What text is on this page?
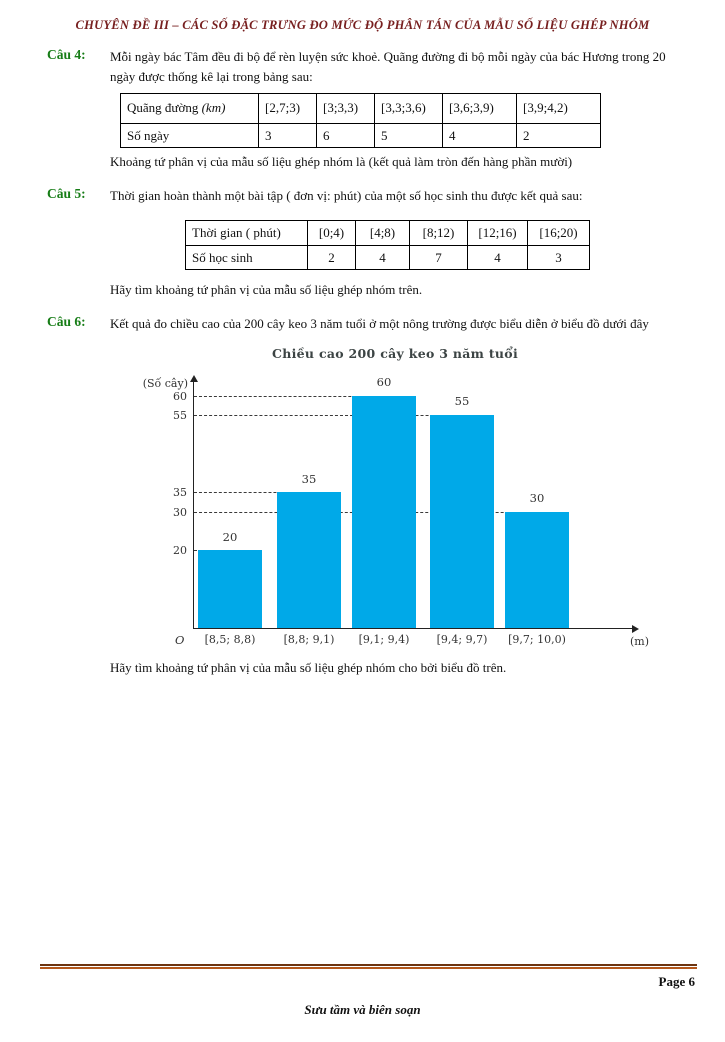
CHUYÊN ĐỀ III – CÁC SỐ ĐẶC TRƯNG ĐO MỨC ĐỘ PHÂN TÁN CỦA MẪU SỐ LIỆU GHÉP NHÓM
Câu 4:	Mỗi ngày bác Tâm đều đi bộ để rèn luyện sức khoẻ. Quãng đường đi bộ mỗi ngày của bác Hương trong 20 ngày được thống kê lại trong bảng sau:
Quãng đường (km)	[2,7;3)	[3;3,3)	[3,3;3,6)	[3,6;3,9)	[3,9;4,2)
Số ngày	3	6	5	4	2
Khoảng tứ phân vị của mẫu số liệu ghép nhóm là (kết quả làm tròn đến hàng phần mười)
Câu 5:	Thời gian hoàn thành một bài tập ( đơn vị: phút) của một số học sinh thu được kết quả sau:
Thời gian ( phút)	[0;4)	[4;8)	[8;12)	[12;16)	[16;20)
Số học sinh	2	4	7	4	3
Hãy tìm khoảng tứ phân vị của mẫu số liệu ghép nhóm trên.
Câu 6:	Kết quả đo chiều cao của 200 cây keo 3 năm tuổi ở một nông trường được biểu diễn ở biểu đồ dưới đây
Chiều cao 200 cây keo 3 năm tuổi
(Số cây)
O	(m)
60
55
35
30
20
20
35
60
55
30
[8,5; 8,8)	[8,8; 9,1)	[9,1; 9,4)	[9,4; 9,7)	[9,7; 10,0)
Hãy tìm khoảng tứ phân vị của mẫu số liệu ghép nhóm cho bởi biểu đồ trên.
Page 6
Sưu tầm và biên soạn
